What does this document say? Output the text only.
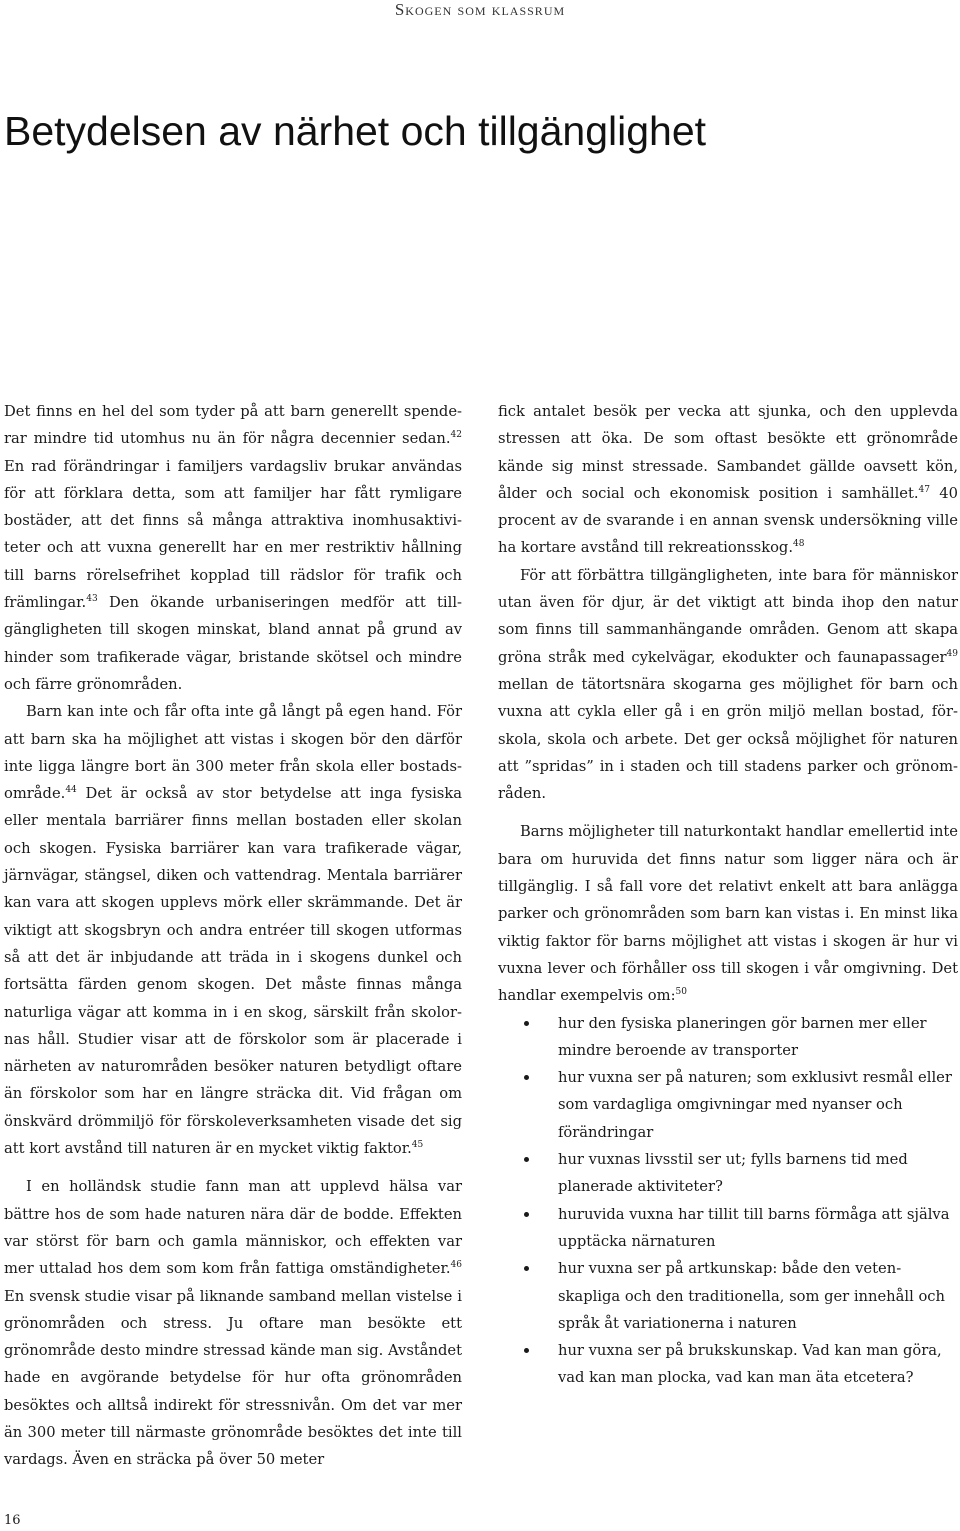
Skogen som klassrum
Betydelsen av närhet och tillgänglighet

Det finns en hel del som tyder på att barn generellt spenderar mindre tid utomhus nu än för några decennier sedan.$^{42}$ En rad förändringar i familjers vardagsliv brukar användas för att förklara detta, som att familjer har fått rymligare bostäder, att det finns så många attraktiva inomhusaktiviteter och att vuxna generellt har en mer restriktiv hållning till barns rörelsefrihet kopplad till rädslor för trafik och främlingar.$^{43}$ Den ökande urbaniseringen medför att tillgängligheten till skogen minskat, bland annat på grund av hinder som trafikerade vägar, bristande skötsel och mindre och färre grönområden.

Barn kan inte och får ofta inte gå långt på egen hand. För att barn ska ha möjlighet att vistas i skogen bör den därför inte ligga längre bort än 300 meter från skola eller bostadsområde.$^{44}$ Det är också av stor betydelse att inga fysiska eller mentala barriärer finns mellan bostaden eller skolan och skogen. Fysiska barriärer kan vara trafikerade vägar, järnvägar, stängsel, diken och vattendrag. Mentala barriärer kan vara att skogen upplevs mörk eller skrämmande. Det är viktigt att skogsbryn och andra entréer till skogen utformas så att det är inbjudande att träda in i skogens dunkel och fortsätta färden genom skogen. Det måste finnas många naturliga vägar att komma in i en skog, särskilt från skolornas håll. Studier visar att de förskolor som är placerade i närheten av naturområden besöker naturen betydligt oftare än förskolor som har en längre sträcka dit. Vid frågan om önskvärd drömmiljö för förskoleverksamheten visade det sig att kort avstånd till naturen är en mycket viktig faktor.$^{45}$

I en holländsk studie fann man att upplevd hälsa var bättre hos de som hade naturen nära där de bodde. Effekten var störst för barn och gamla människor, och effekten var mer uttalad hos dem som kom från fattiga omständigheter.$^{46}$ En svensk studie visar på liknande samband mellan vistelse i grönområden och stress. Ju oftare man besökte ett grönområde desto mindre stressad kände man sig. Avståndet hade en avgörande betydelse för hur ofta grönområden besöktes och alltså indirekt för stressnivån. Om det var mer än 300 meter till närmaste grönområde besöktes det inte till vardags. Även en sträcka på över 50 meter

fick antalet besök per vecka att sjunka, och den upplevda stressen att öka. De som oftast besökte ett grönområde kände sig minst stressade. Sambandet gällde oavsett kön, ålder och social och ekonomisk position i samhället.$^{47}$ 40 procent av de svarande i en annan svensk undersökning ville ha kortare avstånd till rekreationsskog.$^{48}$

För att förbättra tillgängligheten, inte bara för människor utan även för djur, är det viktigt att binda ihop den natur som finns till sammanhängande områden. Genom att skapa gröna stråk med cykelvägar, ekodukter och faunapassager$^{49}$ mellan de tätortsnära skogarna ges möjlighet för barn och vuxna att cykla eller gå i en grön miljö mellan bostad, förskola, skola och arbete. Det ger också möjlighet för naturen att ”spridas” in i staden och till stadens parker och grönområden.

Barns möjligheter till naturkontakt handlar emellertid inte bara om huruvida det finns natur som ligger nära och är tillgänglig. I så fall vore det relativt enkelt att bara anlägga parker och grönområden som barn kan vistas i. En minst lika viktig faktor för barns möjlighet att vistas i skogen är hur vi vuxna lever och förhåller oss till skogen i vår omgivning. Det handlar exempelvis om:$^{50}$

hur den fysiska planeringen gör barnen mer eller mindre beroende av transporter
hur vuxna ser på naturen; som exklusivt resmål eller som vardagliga omgivningar med nyanser och förändringar
hur vuxnas livsstil ser ut; fylls barnens tid med planerade aktiviteter?
huruvida vuxna har tillit till barns förmåga att själva upptäcka närnaturen
hur vuxna ser på artkunskap: både den vetenskapliga och den traditionella, som ger innehåll och språk åt variationerna i naturen
hur vuxna ser på brukskunskap. Vad kan man göra, vad kan man plocka, vad kan man äta etcetera?
16
